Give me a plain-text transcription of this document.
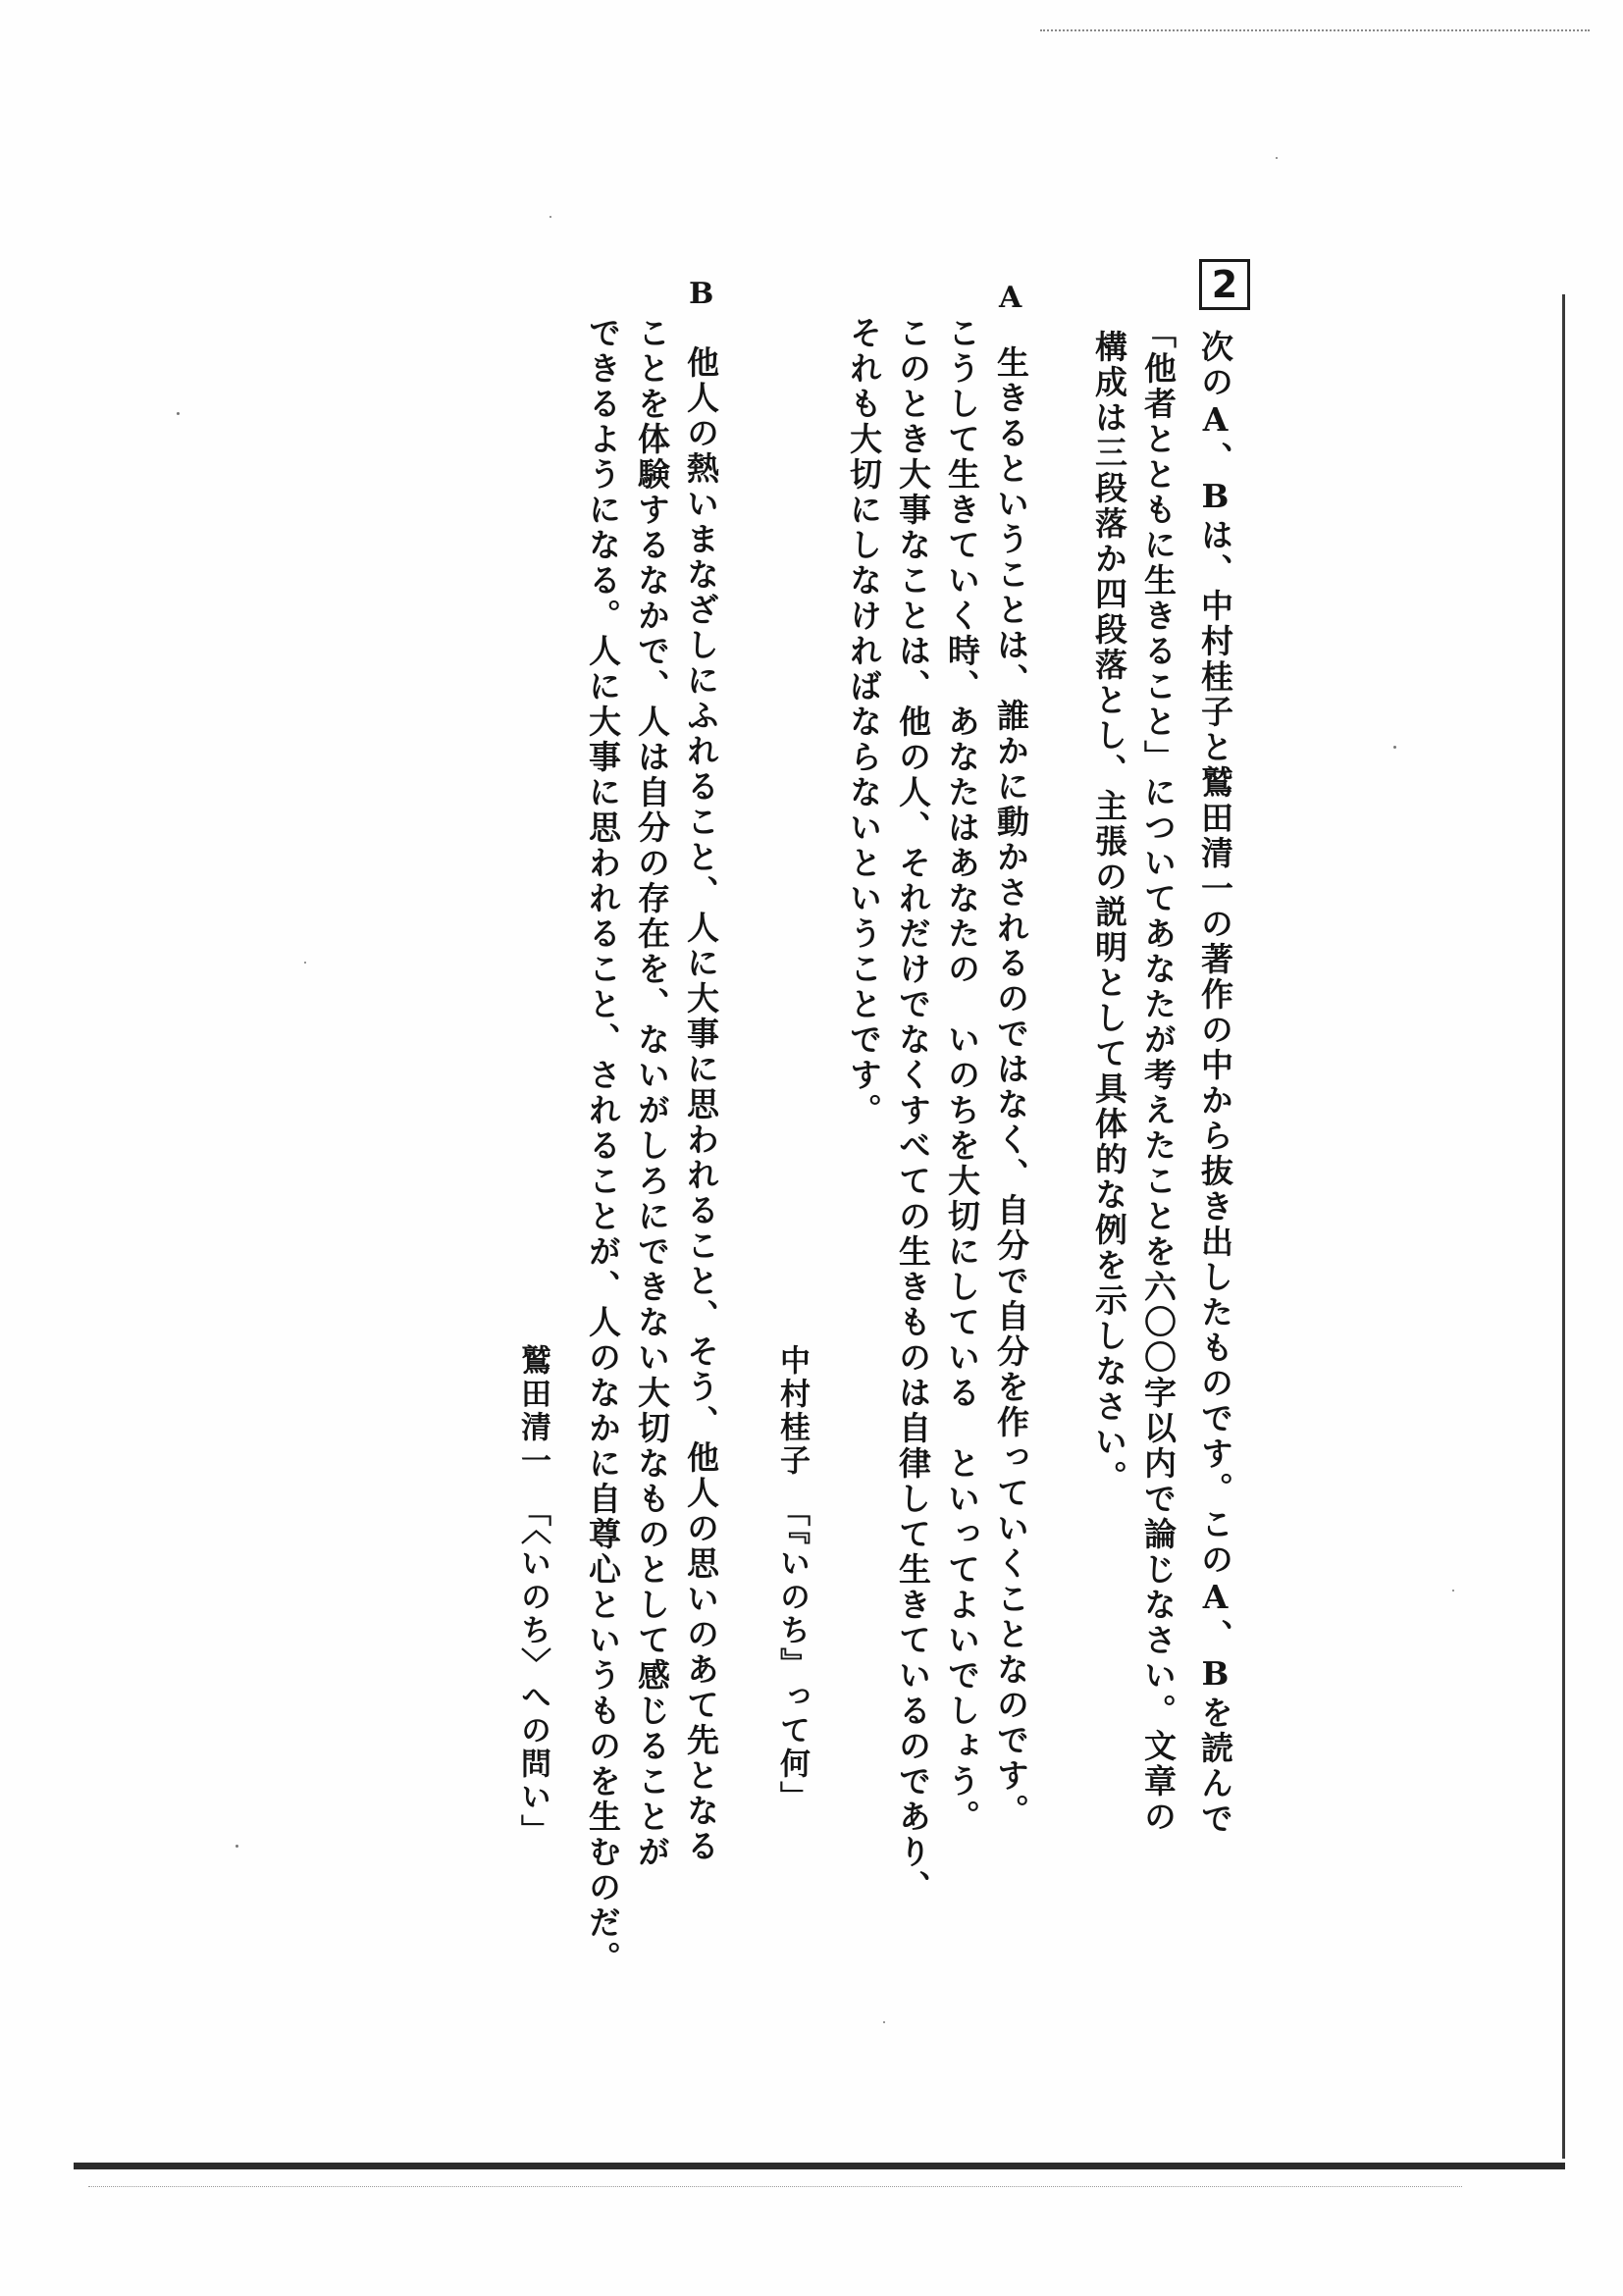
2
次のA、Bは、中村桂子と鷲田清一の著作の中から抜き出したものです。このA、Bを読んで
「他者とともに生きること」についてあなたが考えたことを六〇〇字以内で論じなさい。文章の
構成は三段落か四段落とし、主張の説明として具体的な例を示しなさい。
A
生きるということは、誰かに動かされるのではなく、自分で自分を作っていくことなのです。
こうして生きていく時、あなたはあなたの　いのちを大切にしている　といってよいでしょう。
このとき大事なことは、他の人、それだけでなくすべての生きものは自律して生きているのであり、
それも大切にしなければならないということです。
中村桂子　「『いのち』って何」
B
他人の熱いまなざしにふれること、人に大事に思われること、そう、他人の思いのあて先となる
ことを体験するなかで、人は自分の存在を、ないがしろにできない大切なものとして感じることが
できるようになる。人に大事に思われること、されることが、人のなかに自尊心というものを生むのだ。
鷲田清一　「〈いのち〉への問い」
